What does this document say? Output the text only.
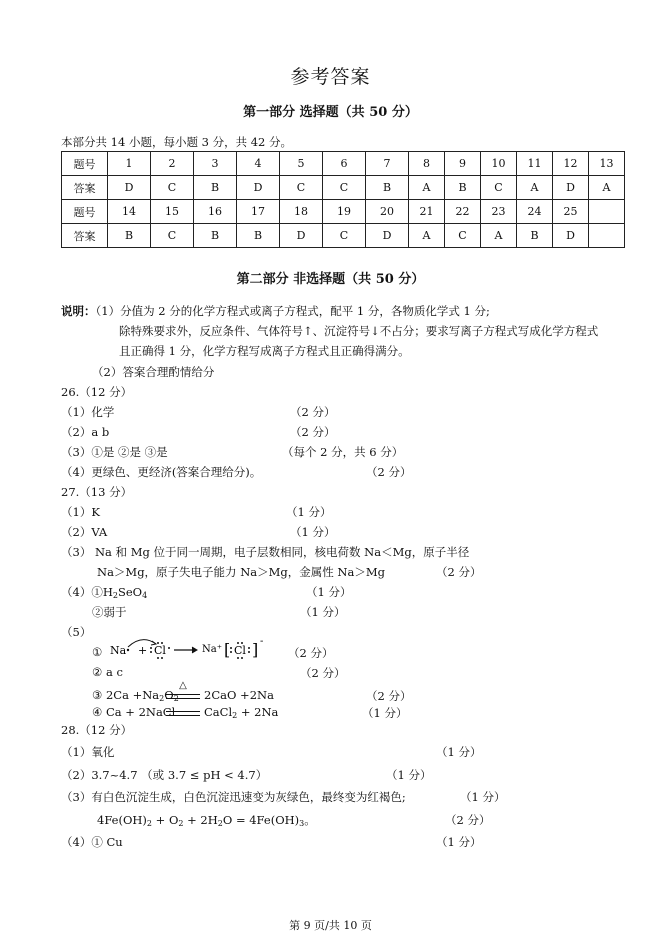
参考答案
第一部分 选择题（共 50 分）
本部分共 14 小题，每小题 3 分，共 42 分。
题号	1	2	3	4	5	6	7	8	9	10	11	12	13
答案	D	C	B	D	C	C	B	A	B	C	A	D	A
题号	14	15	16	17	18	19	20	21	22	23	24	25	
答案	B	C	B	B	D	C	D	A	C	A	B	D	
第二部分 非选择题（共 50 分）
说明：（1）分值为 2 分的化学方程式或离子方程式，配平 1 分，各物质化学式 1 分;
除特殊要求外，反应条件、气体符号↑、沉淀符号↓不占分；要求写离子方程式写成化学方程式
且正确得 1 分，化学方程写成离子方程式且正确得满分。
（2）答案合理酌情给分
26.（12 分）
（1）化学	（2 分）
（2）a b	（2 分）
（3）①是 ②是 ③是	（每个 2 分，共 6 分）
（4）更绿色、更经济(答案合理给分)。	（2 分）
27.（13 分）
（1）K	（1 分）
（2）VA	（1 分）
（3） Na 和 Mg 位于同一周期，电子层数相同，核电荷数 Na＜Mg，原子半径
Na＞Mg，原子失电子能力 Na＞Mg，金属性 Na＞Mg	（2 分）
$(4)①H_2SeO_4$	（1 分）
②弱于	（1 分）
（5）
① Na + Cl	Na⁺ [ Cl ] -
（2 分）
② a c	（2 分）
③ $2Ca +Na_2O_2$
△
2CaO +2Na	（2 分）
④ Ca + 2NaCl CaCl$_2$ + 2Na	（1 分）
28.（12 分）
（1）氧化	（1 分）
（2）3.7~4.7 （或 3.7 ≤ pH < 4.7）	（1 分）
（3）有白色沉淀生成，白色沉淀迅速变为灰绿色，最终变为红褐色;	（1 分）
$4Fe(OH)_2 + O_2 + 2H_2O = 4Fe(OH)_3$。	（2 分）
（4）① Cu	（1 分）
第 9 页/共 10 页
